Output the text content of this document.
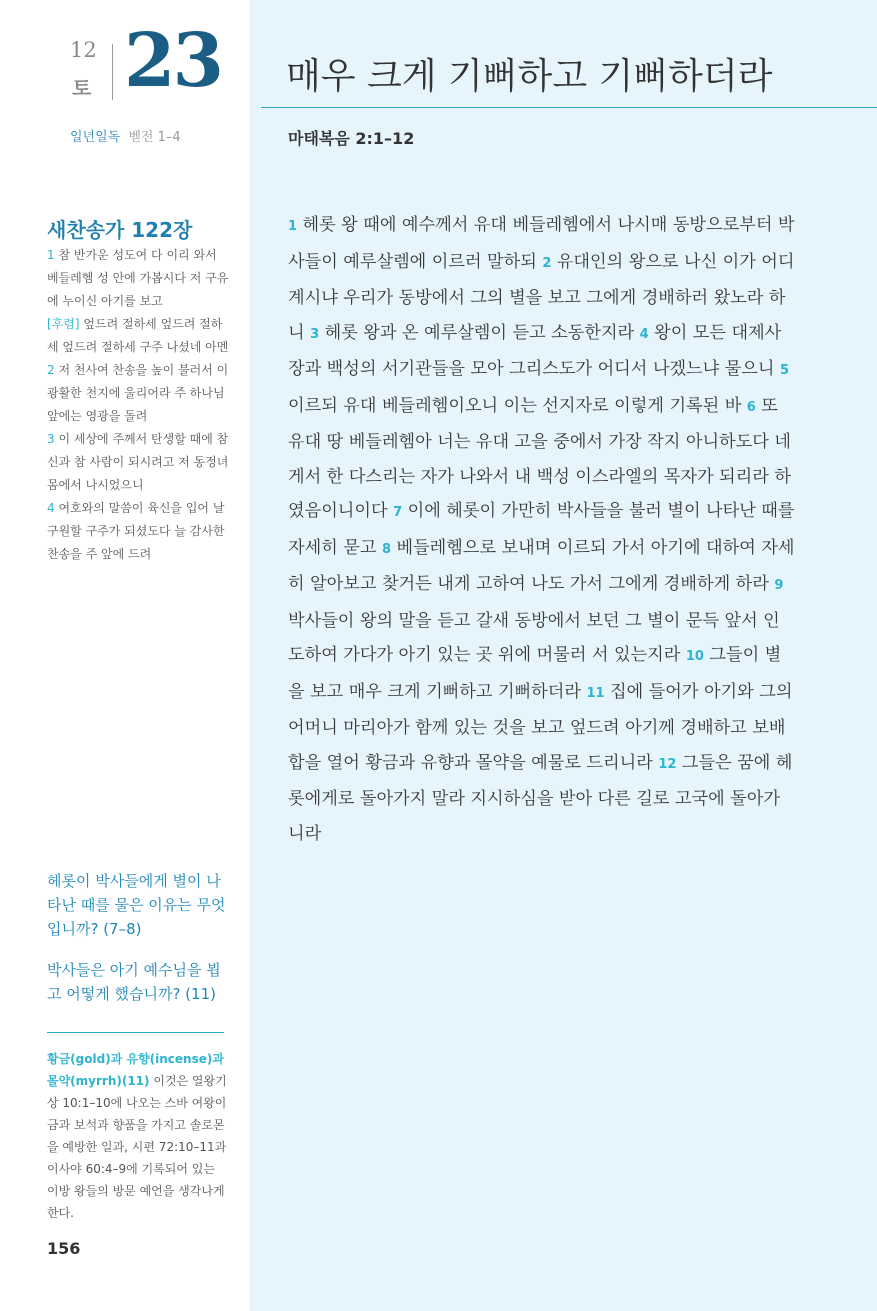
12
토 23
일년일독 벧전 1–4
새찬송가 122장
1 참 반가운 성도여 다 이리 와서 베들레헴 성 안에 가봅시다 저 구유에 누이신 아기를 보고
[후렴] 엎드려 절하세 엎드려 절하세 엎드려 절하세 구주 나셨네 아멘
2 저 천사여 찬송을 높이 불러서 이 광활한 천지에 울리어라 주 하나님 앞에는 영광을 돌려
3 이 세상에 주께서 탄생할 때에 참신과 참 사람이 되시려고 저 동정녀 몸에서 나시었으니
4 여호와의 말씀이 육신을 입어 날 구원할 구주가 되셨도다 늘 감사한 찬송을 주 앞에 드려
헤롯이 박사들에게 별이 나타난 때를 물은 이유는 무엇입니까? (7–8)
박사들은 아기 예수님을 뵙고 어떻게 했습니까? (11)
황금(gold)과 유향(incense)과 몰약(myrrh)(11) 이것은 열왕기상 10:1–10에 나오는 스바 여왕이 금과 보석과 향품을 가지고 솔로몬을 예방한 일과, 시편 72:10–11과 이사야 60:4–9에 기록되어 있는 이방 왕들의 방문 예언을 생각나게 한다.
156
매우 크게 기뻐하고 기뻐하더라
마태복음 2:1–12
1 헤롯 왕 때에 예수께서 유대 베들레헴에서 나시매 동방으로부터 박사들이 예루살렘에 이르러 말하되 2 유대인의 왕으로 나신 이가 어디 계시냐 우리가 동방에서 그의 별을 보고 그에게 경배하러 왔노라 하니 3 헤롯 왕과 온 예루살렘이 듣고 소동한지라 4 왕이 모든 대제사장과 백성의 서기관들을 모아 그리스도가 어디서 나겠느냐 물으니 5 이르되 유대 베들레헴이오니 이는 선지자로 이렇게 기록된 바 6 또 유대 땅 베들레헴아 너는 유대 고을 중에서 가장 작지 아니하도다 네게서 한 다스리는 자가 나와서 내 백성 이스라엘의 목자가 되리라 하였음이니이다 7 이에 헤롯이 가만히 박사들을 불러 별이 나타난 때를 자세히 묻고 8 베들레헴으로 보내며 이르되 가서 아기에 대하여 자세히 알아보고 찾거든 내게 고하여 나도 가서 그에게 경배하게 하라 9 박사들이 왕의 말을 듣고 갈새 동방에서 보던 그 별이 문득 앞서 인도하여 가다가 아기 있는 곳 위에 머물러 서 있는지라 10 그들이 별을 보고 매우 크게 기뻐하고 기뻐하더라 11 집에 들어가 아기와 그의 어머니 마리아가 함께 있는 것을 보고 엎드려 아기께 경배하고 보배합을 열어 황금과 유향과 몰약을 예물로 드리니라 12 그들은 꿈에 헤롯에게로 돌아가지 말라 지시하심을 받아 다른 길로 고국에 돌아가니라
